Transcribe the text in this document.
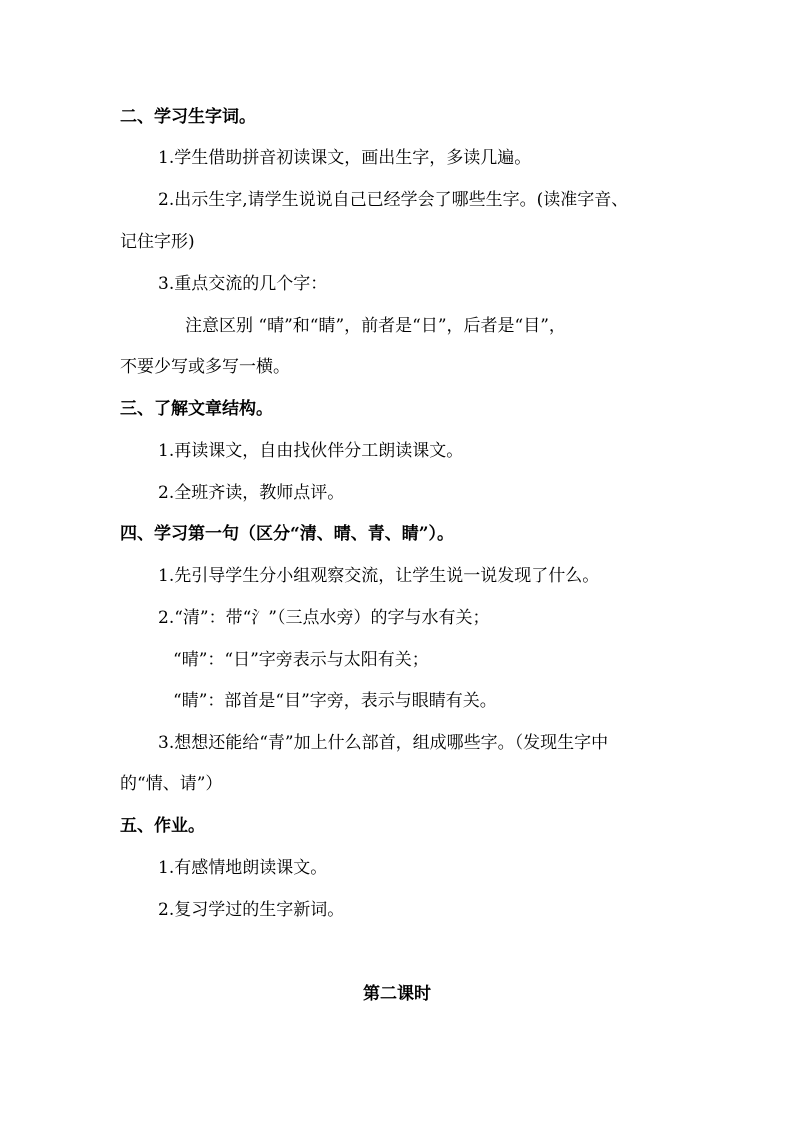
二、学习生字词。
1.学生借助拼音初读课文，画出生字，多读几遍。
2.出示生字,请学生说说自己已经学会了哪些生字。(读准字音、
记住字形)
3.重点交流的几个字：
注意区别 “晴”和“睛”，前者是“日”，后者是“目”，
不要少写或多写一横。
三、了解文章结构。
1.再读课文，自由找伙伴分工朗读课文。
2.全班齐读，教师点评。
四、学习第一句（区分“清、晴、青、睛”）。
1.先引导学生分小组观察交流，让学生说一说发现了什么。
2.“清”：带“氵”（三点水旁）的字与水有关；
“晴”：“日”字旁表示与太阳有关；
“睛”：部首是“目”字旁，表示与眼睛有关。
3.想想还能给“青”加上什么部首，组成哪些字。（发现生字中
的“情、请”）
五、作业。
1.有感情地朗读课文。
2.复习学过的生字新词。
第二课时
